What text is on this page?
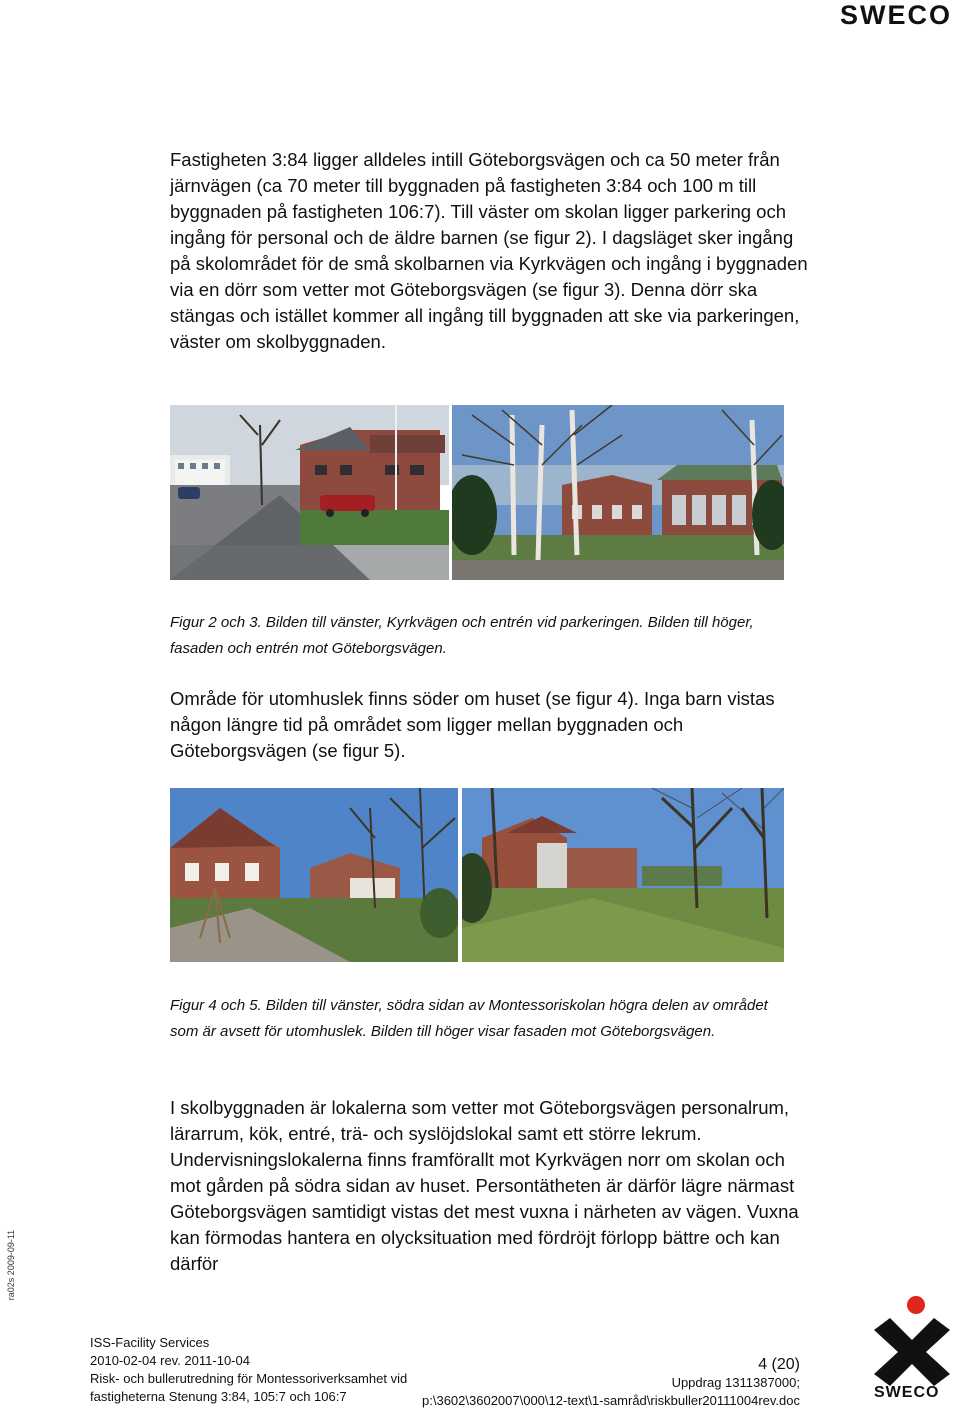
SWECO
Fastigheten 3:84 ligger alldeles intill Göteborgsvägen och ca 50 meter från järnvägen (ca 70 meter till byggnaden på fastigheten 3:84 och 100 m till byggnaden på fastigheten 106:7). Till väster om skolan ligger parkering och ingång för personal och de äldre barnen (se figur 2). I dagsläget sker ingång på skolområdet för de små skolbarnen via Kyrkvägen och ingång i byggnaden via en dörr som vetter mot Göteborgsvägen (se figur 3). Denna dörr ska stängas och istället kommer all ingång till byggnaden att ske via parkeringen, väster om skolbyggnaden.
Figur 2 och 3. Bilden till vänster, Kyrkvägen och entrén vid parkeringen. Bilden till höger, fasaden och entrén mot Göteborgsvägen.
Område för utomhuslek finns söder om huset (se figur 4). Inga barn vistas någon längre tid på området som ligger mellan byggnaden och Göteborgsvägen (se figur 5).
Figur 4 och 5. Bilden till vänster, södra sidan av Montessoriskolan högra delen av området som är avsett för utomhuslek. Bilden till höger visar fasaden mot Göteborgsvägen.
I skolbyggnaden är lokalerna som vetter mot Göteborgsvägen personalrum, lärarrum, kök, entré, trä- och syslöjdslokal samt ett större lekrum. Undervisningslokalerna finns framförallt mot Kyrkvägen norr om skolan och mot gården på södra sidan av huset. Persontätheten är därför lägre närmast Göteborgsvägen samtidigt vistas det mest vuxna i närheten av vägen. Vuxna kan förmodas hantera en olycksituation med fördröjt förlopp bättre och kan därför
ra02s 2009-09-11
ISS-Facility Services
2010-02-04 rev. 2011-10-04
Risk- och bullerutredning för Montessoriverksamhet vid
fastigheterna Stenung 3:84, 105:7 och 106:7
4 (20)
Uppdrag 1311387000;
p:\3602\3602007\000\12-text\1-samråd\riskbuller20111004rev.doc	SWECO
